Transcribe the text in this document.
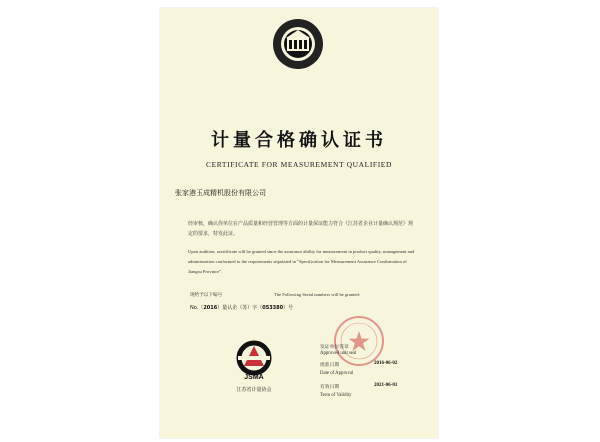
计量合格确认证书
CERTIFICATE FOR MEASUREMENT QUALIFIED
张家港玉成精机股份有限公司
经审核，确认你单位在产品质量和经营管理等方面的计量保证能力符合《江苏省企业计量确认规范》规定的要求，特发此证。
Upon audition, acertificate will be granted since the assurance ability for measurement in product quality, management and administration conformed to the requirements stipulated in "Specification for Measurement Assurance Confirmation of Jiangsu Province".
现给予以下编号	The Following Serial numbers will be granted:
No.（2016）量认企（苏）字（053380）号
JSMA
江苏省计量协会
发证单位签章
Approved unit seal
批准日期	2016-06-02
Date of Approval
有效日期	2021-06-01
Term of Validity
